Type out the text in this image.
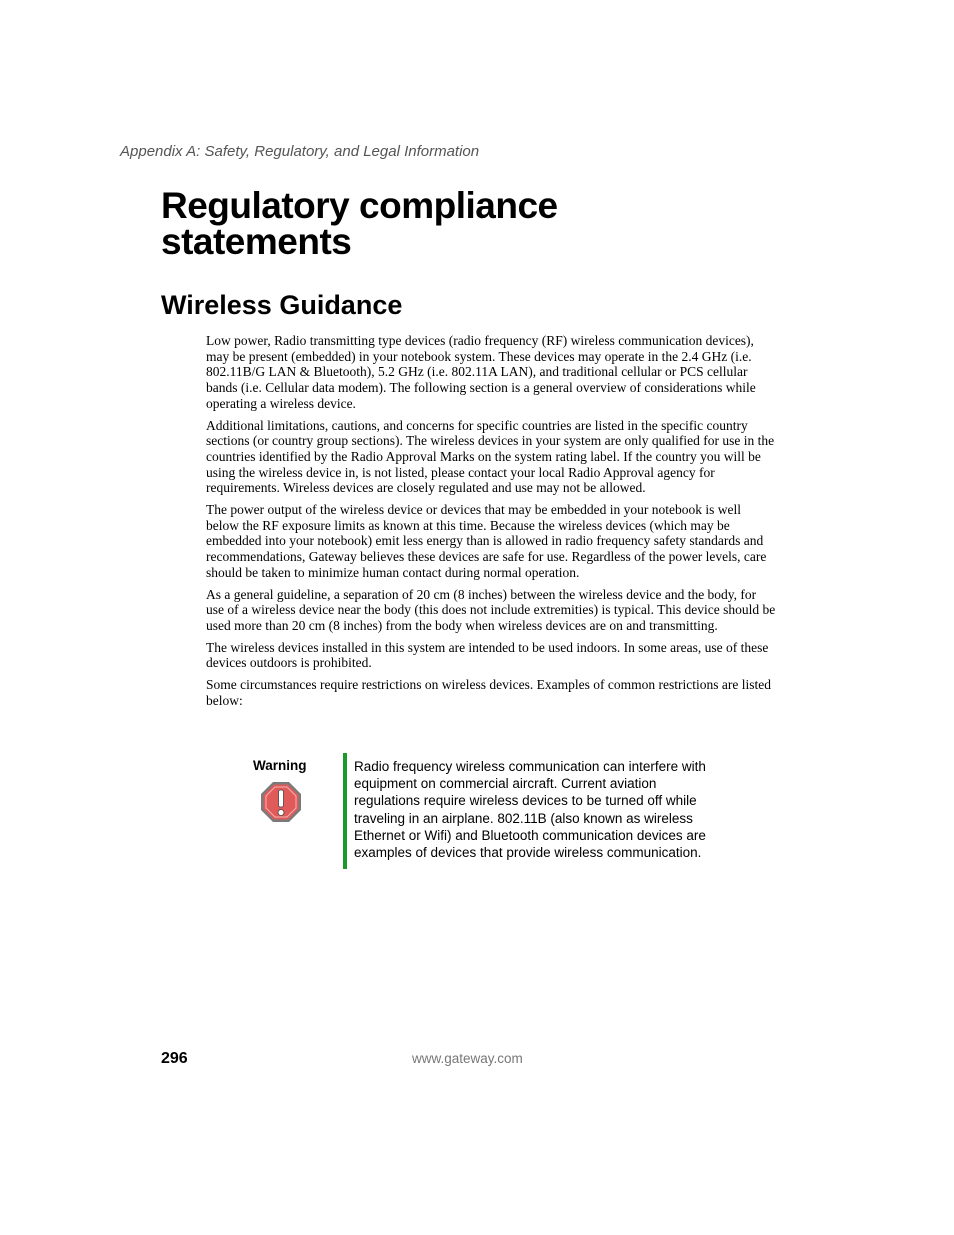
Appendix A: Safety, Regulatory, and Legal Information
Regulatory compliance statements
Wireless Guidance

Low power, Radio transmitting type devices (radio frequency (RF) wireless communication devices), may be present (embedded) in your notebook system. These devices may operate in the 2.4 GHz (i.e. 802.11B/G LAN & Bluetooth), 5.2 GHz (i.e. 802.11A LAN), and traditional cellular or PCS cellular bands (i.e. Cellular data modem). The following section is a general overview of considerations while operating a wireless device.

Additional limitations, cautions, and concerns for specific countries are listed in the specific country sections (or country group sections). The wireless devices in your system are only qualified for use in the countries identified by the Radio Approval Marks on the system rating label. If the country you will be using the wireless device in, is not listed, please contact your local Radio Approval agency for requirements. Wireless devices are closely regulated and use may not be allowed.

The power output of the wireless device or devices that may be embedded in your notebook is well below the RF exposure limits as known at this time. Because the wireless devices (which may be embedded into your notebook) emit less energy than is allowed in radio frequency safety standards and recommendations, Gateway believes these devices are safe for use. Regardless of the power levels, care should be taken to minimize human contact during normal operation.

As a general guideline, a separation of 20 cm (8 inches) between the wireless device and the body, for use of a wireless device near the body (this does not include extremities) is typical. This device should be used more than 20 cm (8 inches) from the body when wireless devices are on and transmitting.

The wireless devices installed in this system are intended to be used indoors. In some areas, use of these devices outdoors is prohibited.

Some circumstances require restrictions on wireless devices. Examples of common restrictions are listed below:

Warning	Radio frequency wireless communication can interfere with equipment on commercial aircraft. Current aviation regulations require wireless devices to be turned off while traveling in an airplane. 802.11B (also known as wireless Ethernet or Wifi) and Bluetooth communication devices are examples of devices that provide wireless communication.

296	www.gateway.com
